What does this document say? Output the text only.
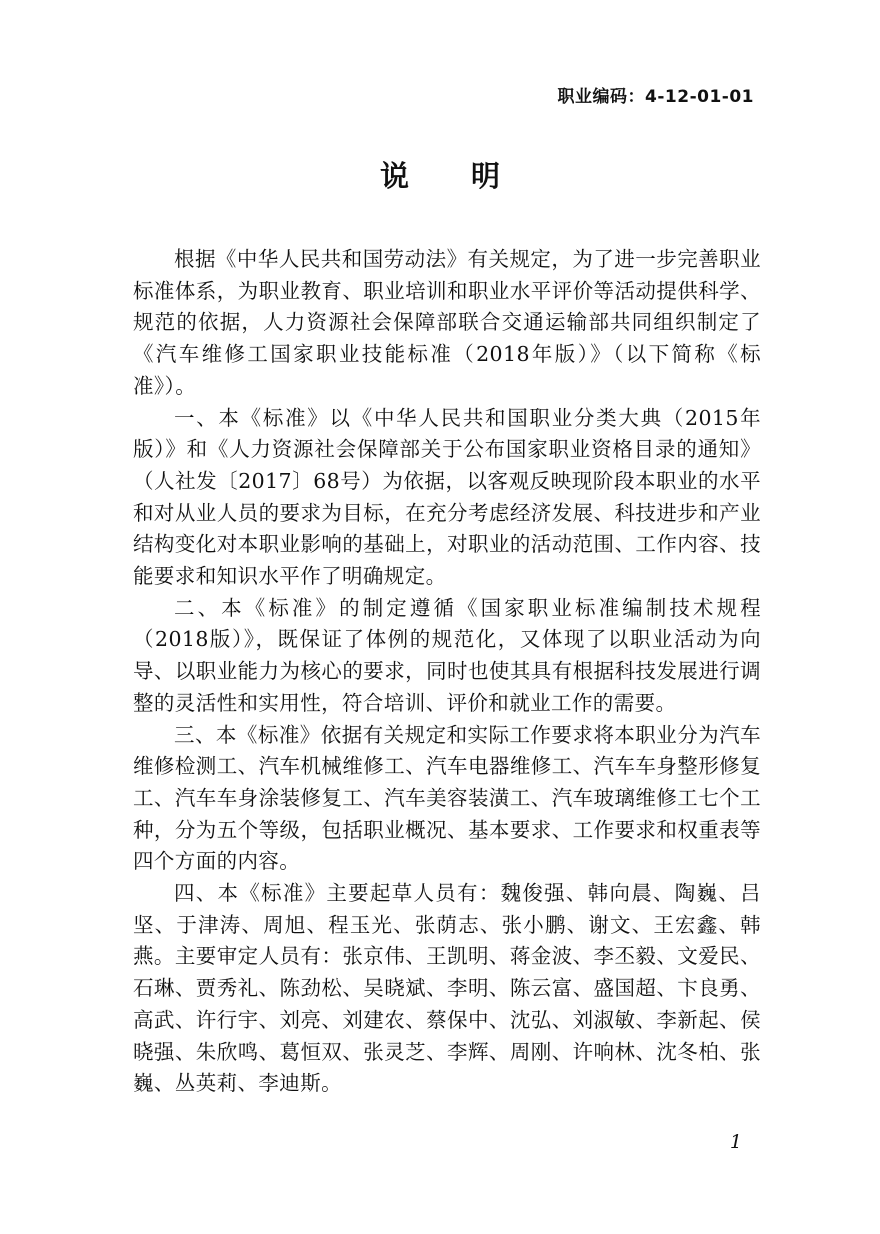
职业编码：4-12-01-01
说明

根据《中华人民共和国劳动法》有关规定，为了进一步完善职业标准体系，为职业教育、职业培训和职业水平评价等活动提供科学、规范的依据，人力资源社会保障部联合交通运输部共同组织制定了《汽车维修工国家职业技能标准（2018年版）》（以下简称《标准》）。

一、本《标准》以《中华人民共和国职业分类大典（2015年版）》和《人力资源社会保障部关于公布国家职业资格目录的通知》（人社发〔2017〕68号）为依据，以客观反映现阶段本职业的水平和对从业人员的要求为目标，在充分考虑经济发展、科技进步和产业结构变化对本职业影响的基础上，对职业的活动范围、工作内容、技能要求和知识水平作了明确规定。

二、本《标准》的制定遵循《国家职业标准编制技术规程（2018版）》，既保证了体例的规范化，又体现了以职业活动为向导、以职业能力为核心的要求，同时也使其具有根据科技发展进行调整的灵活性和实用性，符合培训、评价和就业工作的需要。

三、本《标准》依据有关规定和实际工作要求将本职业分为汽车维修检测工、汽车机械维修工、汽车电器维修工、汽车车身整形修复工、汽车车身涂装修复工、汽车美容装潢工、汽车玻璃维修工七个工种，分为五个等级，包括职业概况、基本要求、工作要求和权重表等四个方面的内容。

四、本《标准》主要起草人员有：魏俊强、韩向晨、陶巍、吕坚、于津涛、周旭、程玉光、张荫志、张小鹏、谢文、王宏鑫、韩燕。主要审定人员有：张京伟、王凯明、蒋金波、李丕毅、文爱民、石琳、贾秀礼、陈劲松、吴晓斌、李明、陈云富、盛国超、卞良勇、高武、许行宇、刘亮、刘建农、蔡保中、沈弘、刘淑敏、李新起、侯晓强、朱欣鸣、葛恒双、张灵芝、李辉、周刚、许响林、沈冬柏、张巍、丛英莉、李迪斯。

1
